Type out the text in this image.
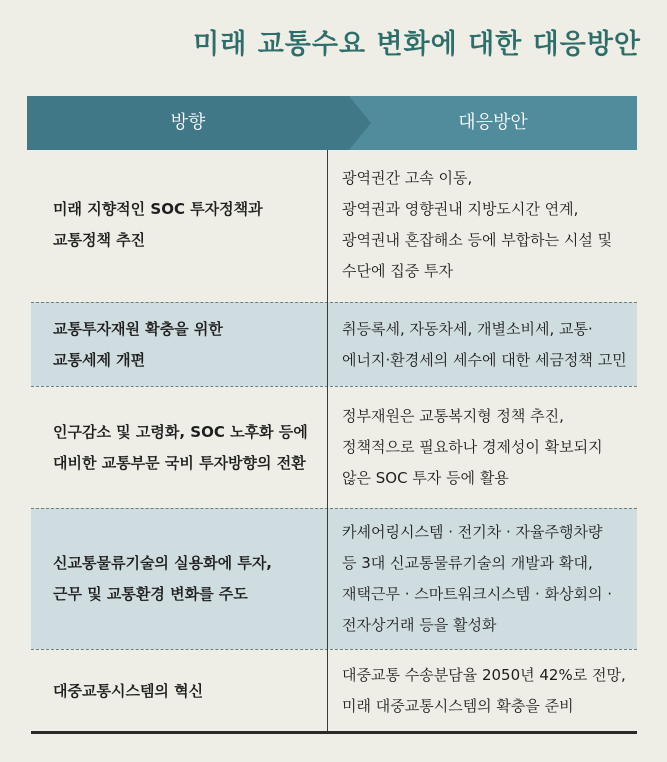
미래 교통수요 변화에 대한 대응방안
방향	대응방안
미래 지향적인 SOC 투자정책과
교통정책 추진
광역권간 고속 이동,
광역권과 영향권내 지방도시간 연계,
광역권내 혼잡해소 등에 부합하는 시설 및
수단에 집중 투자
교통투자재원 확충을 위한
교통세제 개편
취등록세, 자동차세, 개별소비세, 교통·
에너지·환경세의 세수에 대한 세금정책 고민
인구감소 및 고령화, SOC 노후화 등에
대비한 교통부문 국비 투자방향의 전환
정부재원은 교통복지형 정책 추진,
정책적으로 필요하나 경제성이 확보되지
않은 SOC 투자 등에 활용
신교통물류기술의 실용화에 투자,
근무 및 교통환경 변화를 주도
카셰어링시스템 · 전기차 · 자율주행차량
등 3대 신교통물류기술의 개발과 확대,
재택근무 · 스마트워크시스템 · 화상회의 ·
전자상거래 등을 활성화
대중교통시스템의 혁신
대중교통 수송분담율 2050년 42%로 전망,
미래 대중교통시스템의 확충을 준비
